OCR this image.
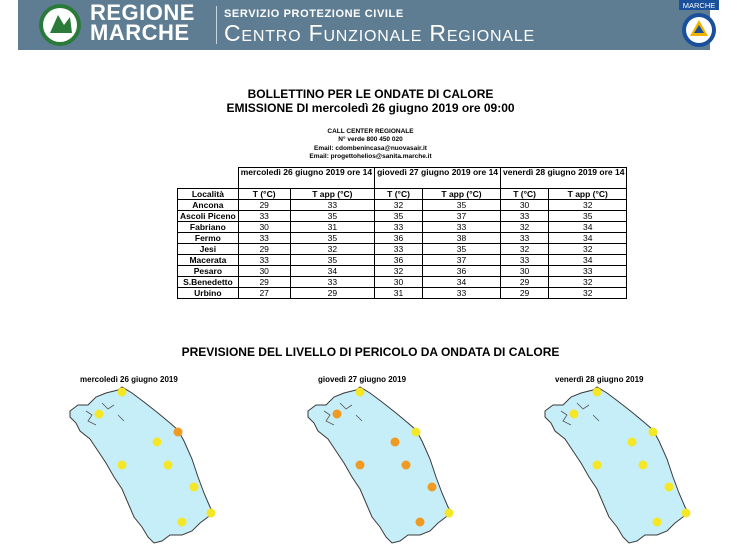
REGIONE
MARCHE
SERVIZIO PROTEZIONE CIVILE
Centro Funzionale Regionale
MARCHE
BOLLETTINO PER LE ONDATE DI CALORE
EMISSIONE DI mercoledì 26 giugno 2019 ore 09:00
CALL CENTER REGIONALE
N° verde 800 450 020
Email: cdombenincasa@nuovasair.it
Email: progettohelios@sanita.marche.it
	mercoledì 26 giugno 2019 ore 14		giovedì 27 giugno 2019 ore 14		venerdì 28 giugno 2019 ore 14	
Località	T (°C)	T app (°C)	T (°C)	T app (°C)	T (°C)	T app (°C)
Ancona	29	33	32	35	30	32
Ascoli Piceno	33	35	35	37	33	35
Fabriano	30	31	33	33	32	34
Fermo	33	35	36	38	33	34
Jesi	29	32	33	35	32	32
Macerata	33	35	36	37	33	34
Pesaro	30	34	32	36	30	33
S.Benedetto	29	33	30	34	29	32
Urbino	27	29	31	33	29	32
PREVISIONE DEL LIVELLO DI PERICOLO DA ONDATA DI CALORE
mercoledì 26 giugno 2019	giovedì 27 giugno 2019	venerdì 28 giugno 2019
